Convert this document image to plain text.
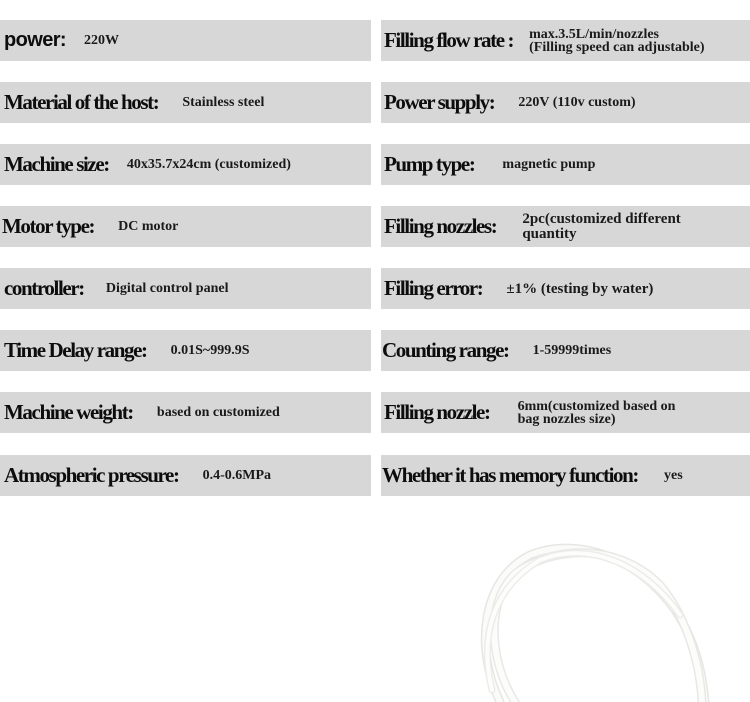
power: 220W
Material of the host: Stainless steel
Machine size: 40x35.7x24cm (customized)
Motor type: DC motor
controller: Digital control panel
Time Delay range: 0.01S~999.9S
Machine weight: based on customized
Atmospheric pressure: 0.4-0.6MPa
Filling flow rate : max.3.5L/min/nozzles
(Filling speed can adjustable)
Power supply: 220V (110v custom)
Pump type: magnetic pump
Filling nozzles: 2pc(customized different
quantity
Filling error: ±1% (testing by water)
Counting range: 1-59999times
Filling nozzle: 6mm(customized based on
bag nozzles size)
Whether it has memory function: yes
